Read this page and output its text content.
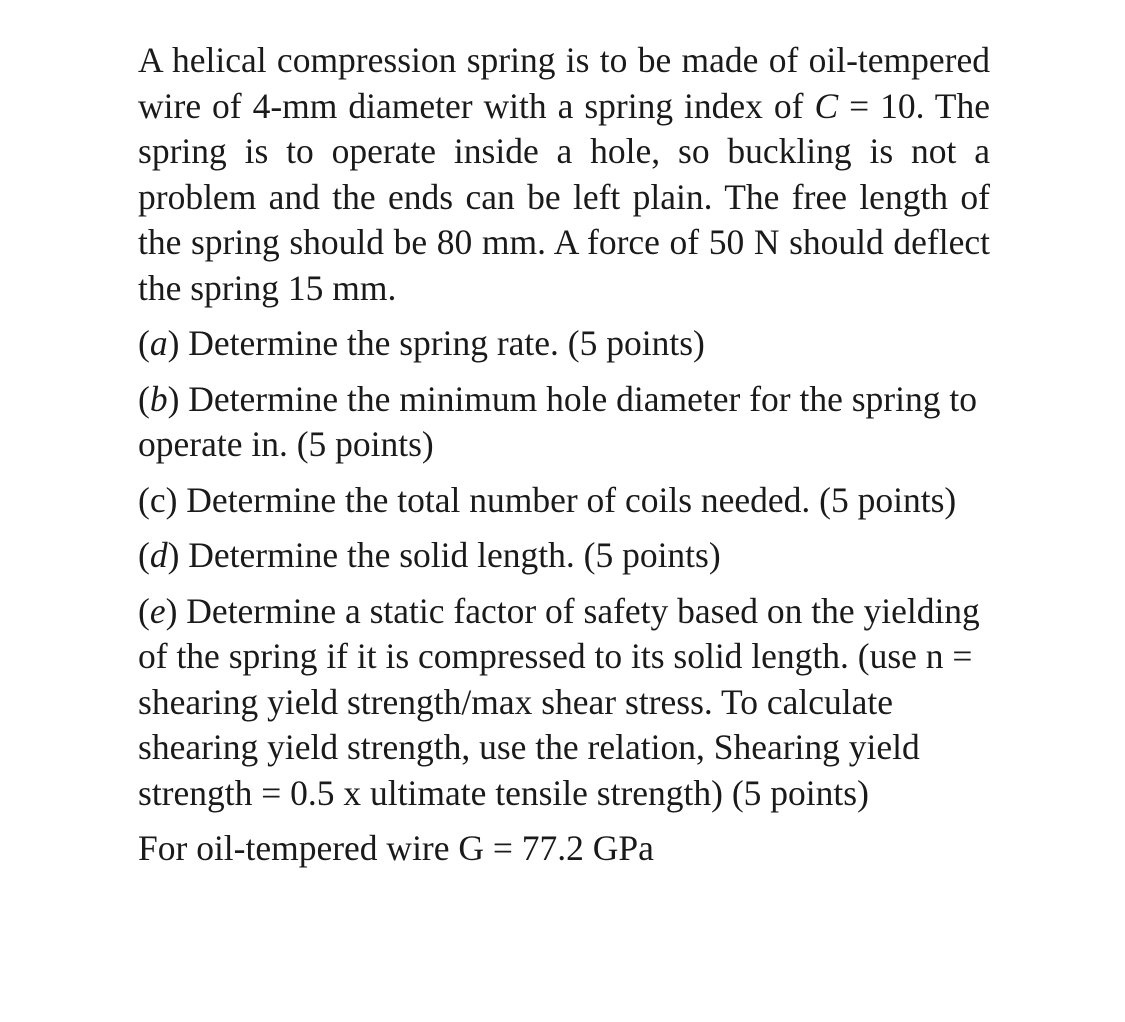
A helical compression spring is to be made of oil-tempered wire of 4-mm diameter with a spring index of C = 10. The spring is to operate inside a hole, so buckling is not a problem and the ends can be left plain. The free length of the spring should be 80 mm. A force of 50 N should deflect the spring 15 mm.

(a) Determine the spring rate. (5 points)

(b) Determine the minimum hole diameter for the spring to operate in. (5 points)

(c) Determine the total number of coils needed. (5 points)

(d) Determine the solid length. (5 points)

(e) Determine a static factor of safety based on the yielding of the spring if it is compressed to its solid length. (use n = shearing yield strength/max shear stress. To calculate shearing yield strength, use the relation, Shearing yield strength = 0.5 x ultimate tensile strength) (5 points)

For oil-tempered wire G = 77.2 GPa
